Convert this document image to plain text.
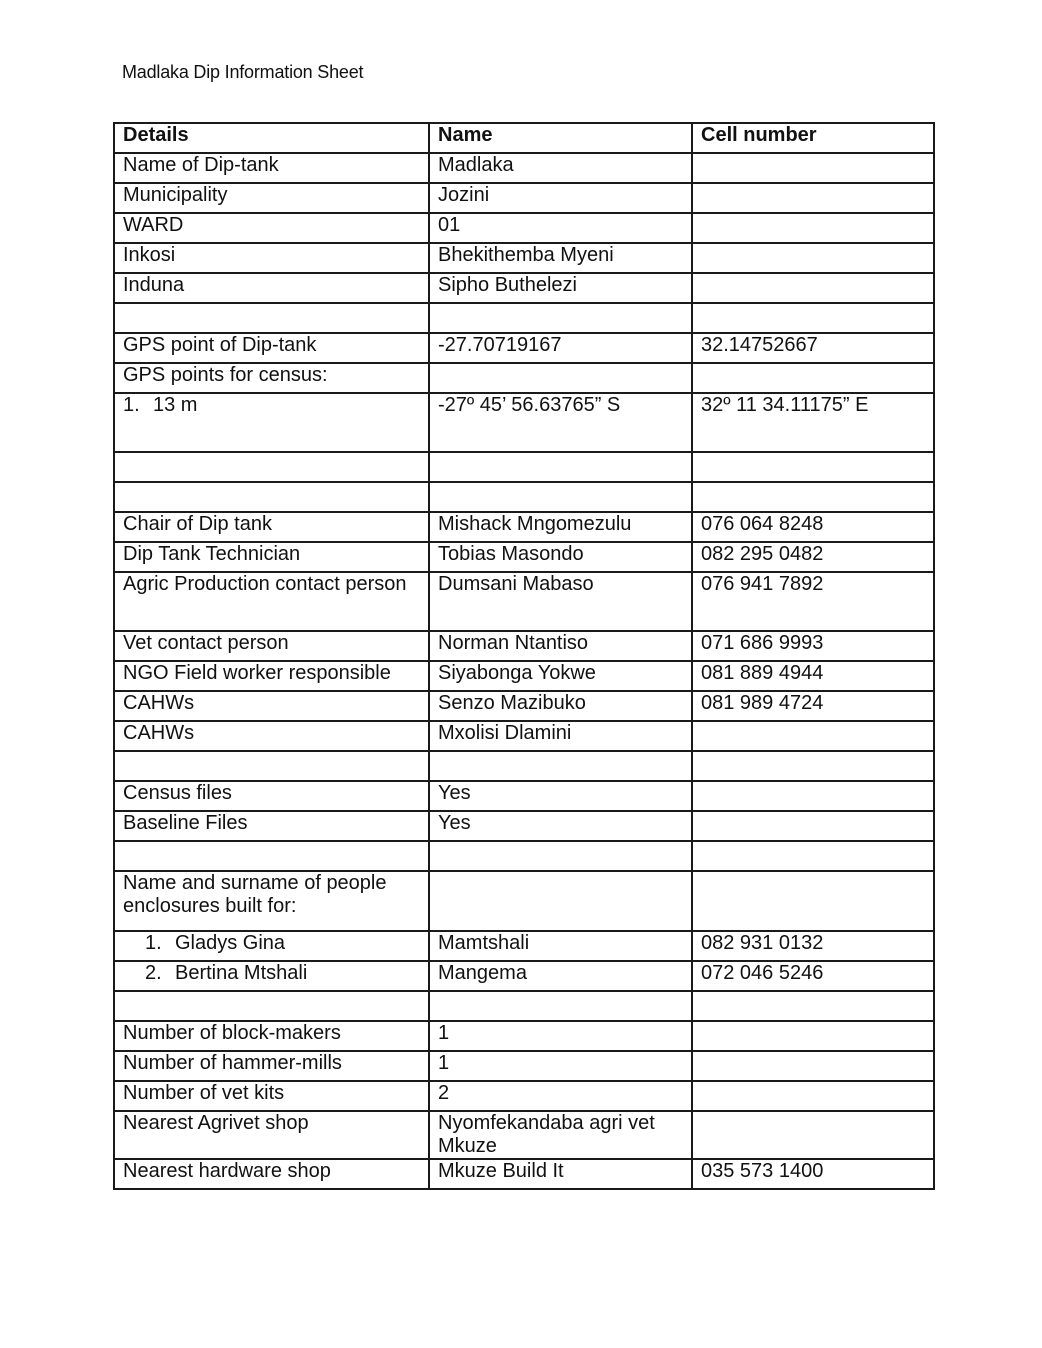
Madlaka Dip Information Sheet
Details	Name	Cell number
Name of Dip-tank	Madlaka	
Municipality	Jozini	
WARD	01	
Inkosi	Bhekithemba Myeni	
Induna	Sipho Buthelezi	

GPS point of Dip-tank	-27.70719167	32.14752667
GPS points for census:		
1. 13 m	-27º 45’ 56.63765” S	32º 11 34.11175” E

Chair of Dip tank	Mishack Mngomezulu	076 064 8248
Dip Tank Technician	Tobias Masondo	082 295 0482
Agric Production contact person	Dumsani Mabaso	076 941 7892
Vet contact person	Norman Ntantiso	071 686 9993
NGO Field worker responsible	Siyabonga Yokwe	081 889 4944
CAHWs	Senzo Mazibuko	081 989 4724
CAHWs	Mxolisi Dlamini	

Census files	Yes	
Baseline Files	Yes	

Name and surname of people enclosures built for:		
1. Gladys Gina	Mamtshali	082 931 0132
2. Bertina Mtshali	Mangema	072 046 5246

Number of block-makers	1	
Number of hammer-mills	1	
Number of vet kits	2	
Nearest Agrivet shop	Nyomfekandaba agri vet Mkuze	
Nearest hardware shop	Mkuze Build It	035 573 1400
